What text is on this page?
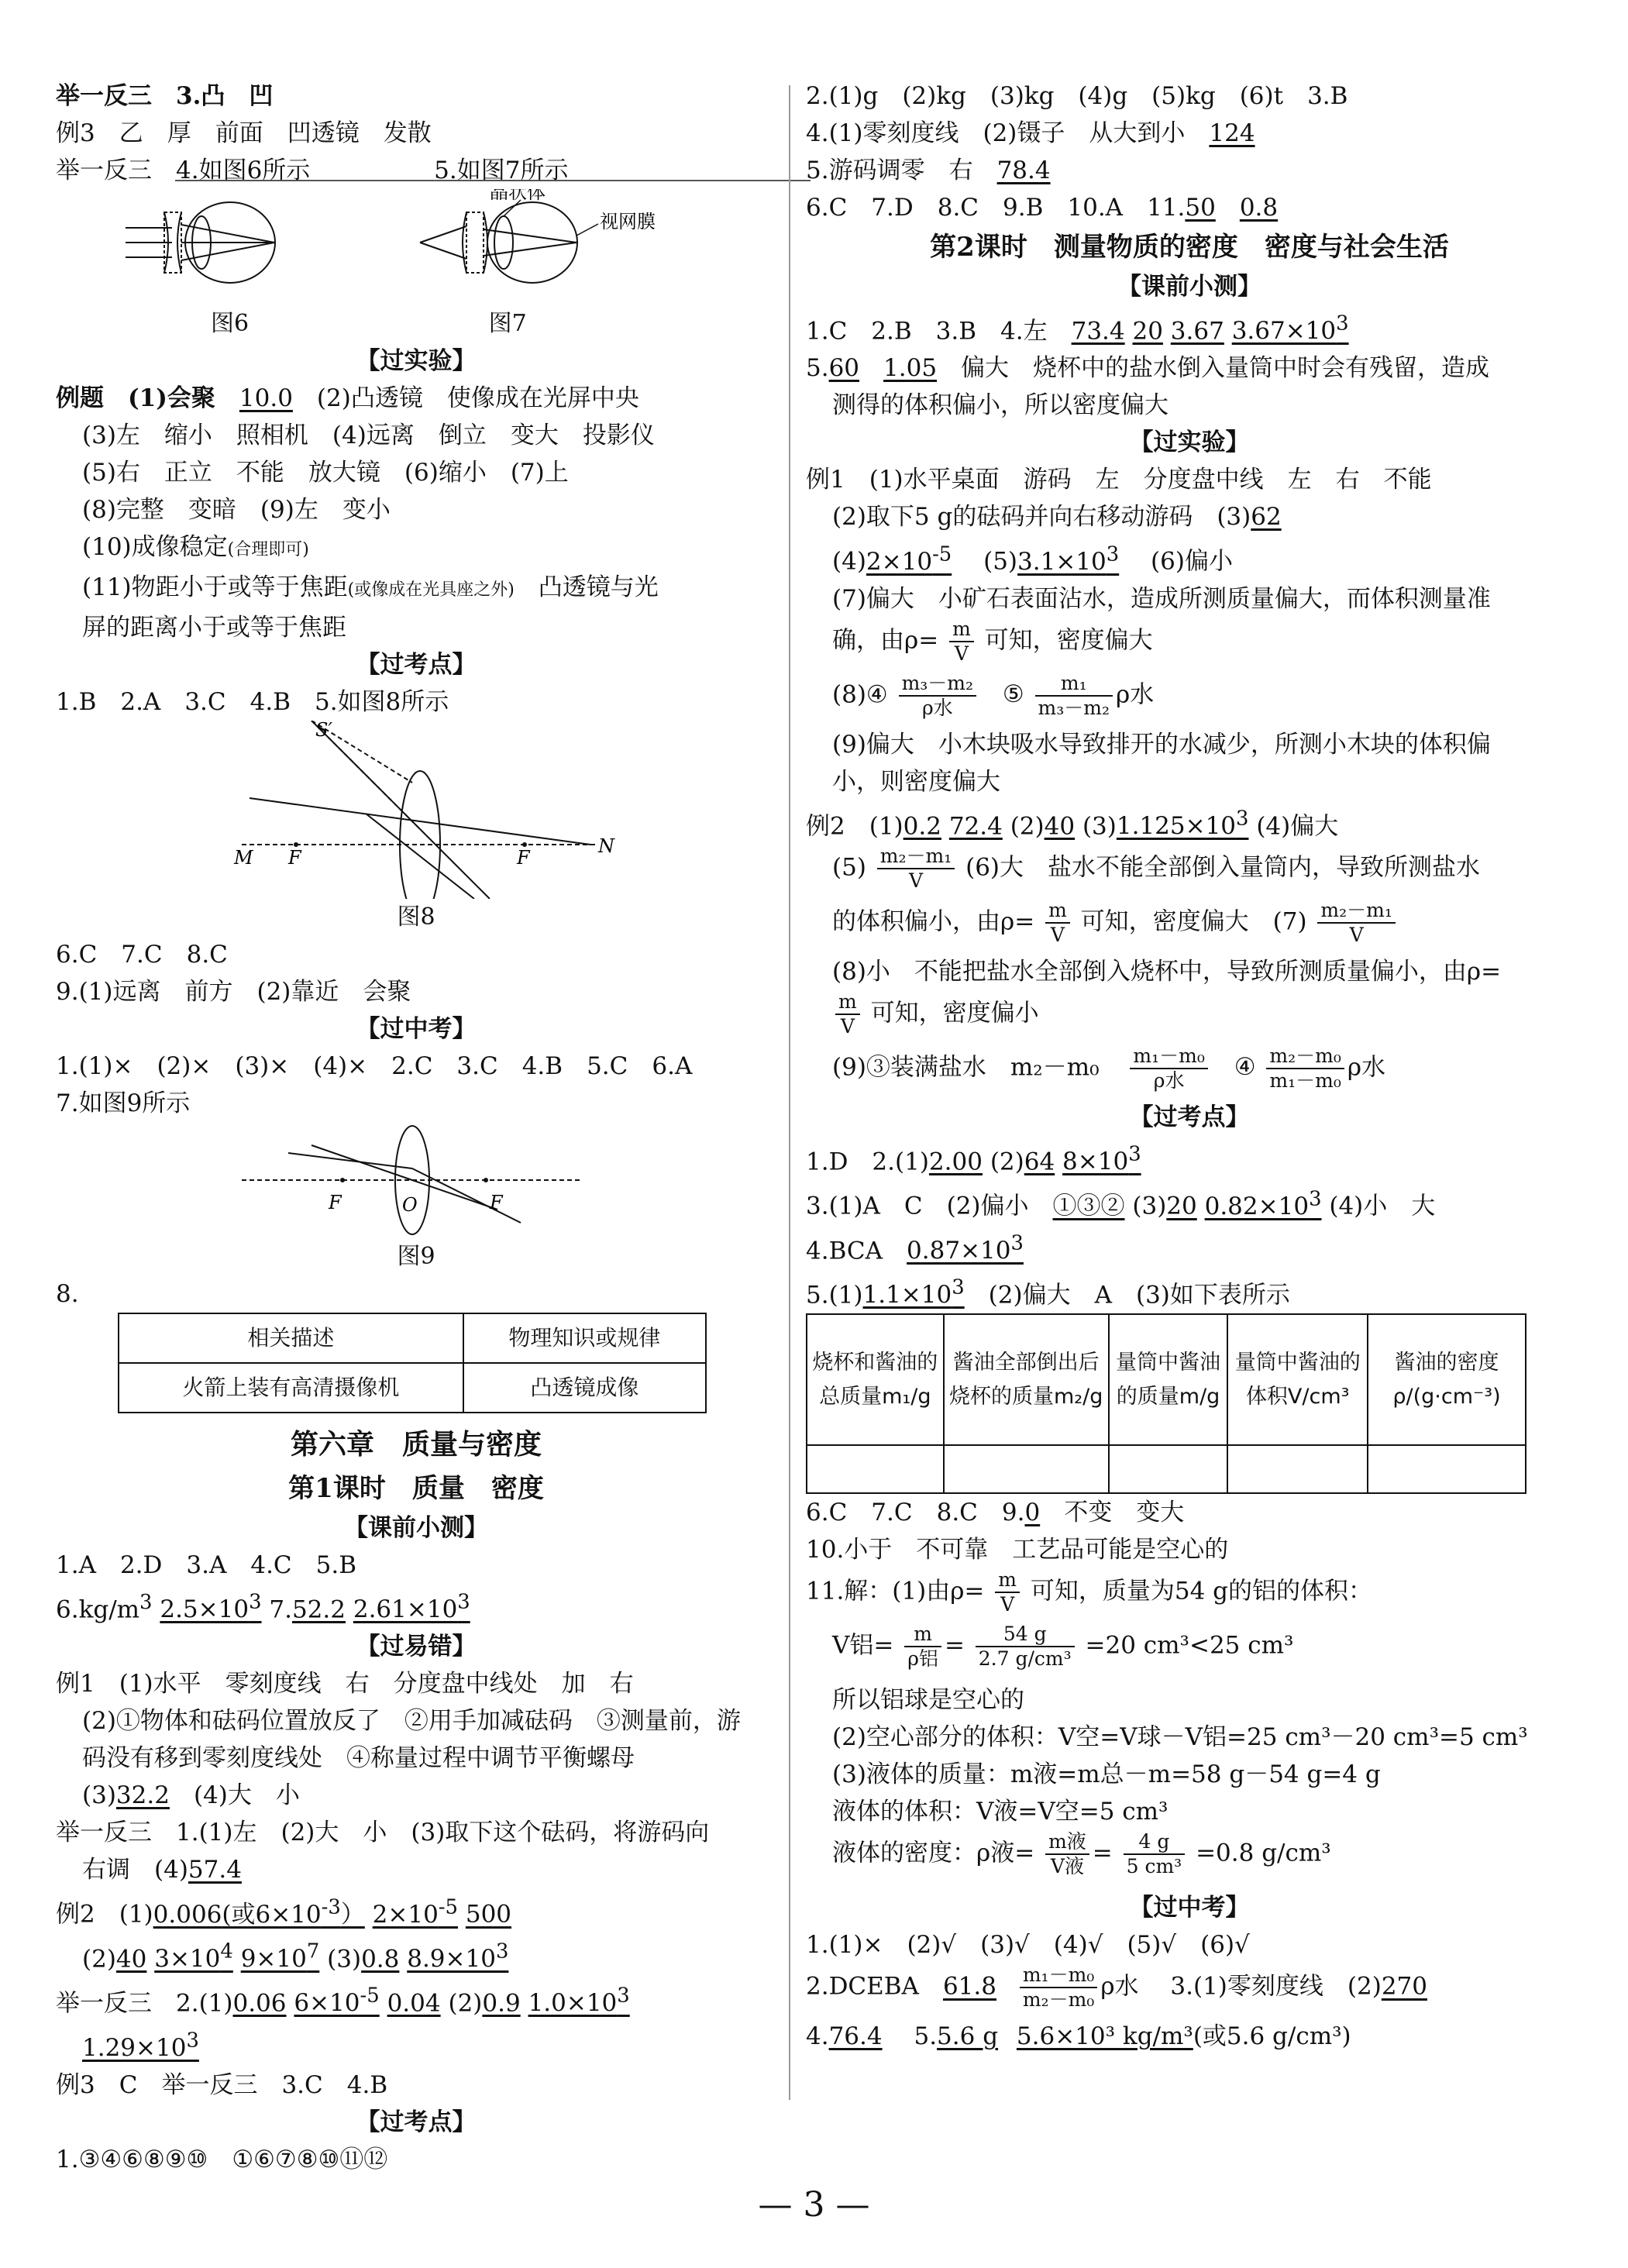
举一反三　3.凸　凹
例3　乙　厚　前面　凹透镜　发散
举一反三　4.如图6所示	5.如图7所示
晶状体
视网膜
图6	图7
【过实验】
例题　(1)会聚　10.0　(2)凸透镜　使像成在光屏中央
(3)左　缩小　照相机　(4)远离　倒立　变大　投影仪
(5)右　正立　不能　放大镜　(6)缩小　(7)上
(8)完整　变暗　(9)左　变小
(10)成像稳定(合理即可)
(11)物距小于或等于焦距(或像成在光具座之外)　凸透镜与光
屏的距离小于或等于焦距
【过考点】
1.B　2.A　3.C　4.B　5.如图8所示
S′
M F	F
N
图8
6.C　7.C　8.C
9.(1)远离　前方　(2)靠近　会聚
【过中考】
1.(1)×　(2)×　(3)×　(4)×　2.C　3.C　4.B　5.C　6.A
7.如图9所示
F	O	F
图9
8.
相关描述	物理知识或规律
火箭上装有高清摄像机	凸透镜成像
第六章　质量与密度
第1课时　质量　密度
【课前小测】
1.A　2.D　3.A　4.C　5.B
$6.kg/m^3$ $2.5\times 10^3$ 7.52.2 $2.61\times 10^3$
【过易错】
例1　(1)水平　零刻度线　右　分度盘中线处　加　右
(2)①物体和砝码位置放反了　②用手加减砝码　③测量前，游
码没有移到零刻度线处　④称量过程中调节平衡螺母
(3)32.2　(4)大　小
举一反三　1.(1)左　(2)大　小　(3)取下这个砝码，将游码向
右调　(4)57.4
例2　(1)0.006(或$6\times 10^{-3}$） $2\times 10^{-5}$ 500
(2)40 $3\times 10^4$ $9\times 10^7$ (3)0.8 $8.9\times 10^3$
举一反三　2.(1)0.06 $6\times 10^{-5}$ 0.04 (2)0.9 $1.0\times 10^3$
$1.29\times 10^3$
例3　C　举一反三　3.C　4.B
【过考点】
1.③④⑥⑧⑨⑩　①⑥⑦⑧⑩⑪⑫
2.(1)g　(2)kg　(3)kg　(4)g　(5)kg　(6)t　3.B
4.(1)零刻度线　(2)镊子　从大到小　124
5.游码调零　右　78.4
6.C　7.D　8.C　9.B　10.A　11.50　 0.8
第2课时　测量物质的密度　密度与社会生活
【课前小测】
1.C　2.B　3.B　4.左　73.4 20 3.67 $3.67\times 10^3$
5.60　 1.05　偏大　烧杯中的盐水倒入量筒中时会有残留，造成
测得的体积偏小，所以密度偏大
【过实验】
例1　(1)水平桌面　游码　左　分度盘中线　左　右　不能
(2)取下5 g的砝码并向右移动游码　(3)62
$(4)2\times 10^{-5}$ 　$(5)3.1\times 10^3$ 　(6)偏小
(7)偏大　小矿石表面沾水，造成所测质量偏大，而体积测量准
确，由$\rho= \frac{m}{V}$ 可知，密度偏大
(8)④ $\frac{\text{m₃－m₂}}{\text{ρ水}}$ ⑤ $\frac{\text{m₁}}{\text{m₃－m₂}}$ ρ水
(9)偏大　小木块吸水导致排开的水减少，所测小木块的体积偏
小，则密度偏大
例2　(1)0.2 72.4 (2)40 $(3)1.125\times 10^3$ (4)偏大
$(5) \frac{\text{m₂－m₁}}{V} (6)$大　盐水不能全部倒入量筒内，导致所测盐水
的体积偏小，由$\rho= \frac{m}{V}$ 可知，密度偏大　$(7) \frac{\text{m₂－m₁}}{V}$
(8)小　不能把盐水全部倒入烧杯中，导致所测质量偏小，由ρ=
$\frac{m}{V}$ 可知，密度偏小
(9)③装满盐水　$m_2-m_0 \frac{\text{m₁－m₀}}{\text{ρ水}}$ ④ $\frac{\text{m₂－m₀}}{\text{m₁－m₀}}$ ρ水
【过考点】
1.D　2.(1)2.00 (2)64 $8\times 10^3$
3.(1)A　C　(2)偏小　①③② (3)20 $0.82\times 10^3$ (4)小　大
4.BCA　$0.87\times 10^3$
$5.(1)1.1\times 10^3$　(2)偏大　A　(3)如下表所示
烧杯和酱油的总质量m₁/g	酱油全部倒出后烧杯的质量m₂/g	量筒中酱油的质量m/g	量筒中酱油的体积V/cm³	酱油的密度ρ/(g·cm⁻³)

6.C　7.C　8.C　9.0　不变　变大
10.小于　不可靠　工艺品可能是空心的
11.解：(1)由$\rho= \frac{m}{V}$ 可知，质量为54 g的铝的体积：
V铝= $\frac{m}{\text{ρ铝}} = \frac{54 g}{\text{2.7 g/cm³}} =20$ cm³<25 cm³
所以铝球是空心的
(2)空心部分的体积：V空=V球－V铝=25 cm³－20 cm³=5 cm³
(3)液体的质量：m液=m总－m=58 g－54 g=4 g
液体的体积：V液=V空=5 cm³
液体的密度：ρ液= $\frac{\text{m液}}{\text{V液}} = \frac{4 g}{\text{5 cm³}} =0.8$ g/cm³
【过中考】
1.(1)×　(2)√　(3)√　(4)√　(5)√　(6)√
2.DCEBA　$61.8 \frac{\text{m₁－m₀}}{\text{m₂－m₀}}$ ρ水 　3.(1)零刻度线　(2)270
4.76.4 　5.5.6 g 5.6×10³ kg/m³(或5.6 g/cm³)
— 3 —
